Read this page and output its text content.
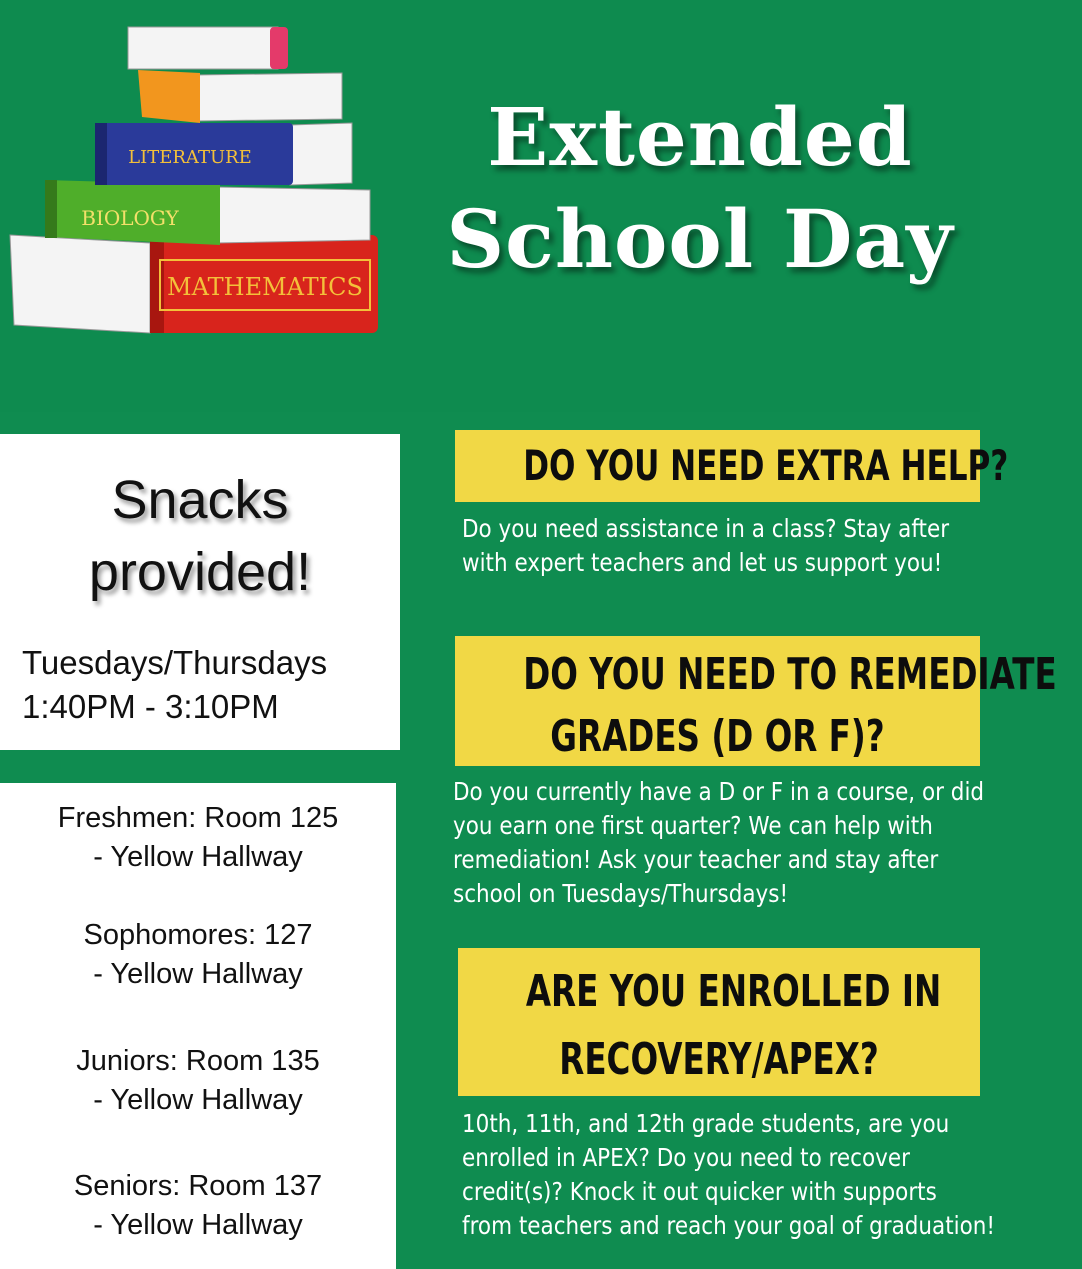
MATHEMATICS
BIOLOGY
LITERATURE	Extended
School Day
Snacks
provided!
Tuesdays/Thursdays
1:40PM - 3:10PM
Freshmen: Room 125
- Yellow Hallway
Sophomores: 127
- Yellow Hallway
Juniors: Room 135
- Yellow Hallway
Seniors: Room 137
- Yellow Hallway
DO YOU NEED EXTRA HELP?
Do you need assistance in a class? Stay after
with expert teachers and let us support you!
DO YOU NEED TO REMEDIATE
GRADES (D OR F)?
Do you currently have a D or F in a course, or did
you earn one first quarter? We can help with
remediation! Ask your teacher and stay after
school on Tuesdays/Thursdays!
ARE YOU ENROLLED IN
RECOVERY/APEX?
10th, 11th, and 12th grade students, are you
enrolled in APEX? Do you need to recover
credit(s)? Knock it out quicker with supports
from teachers and reach your goal of graduation!
